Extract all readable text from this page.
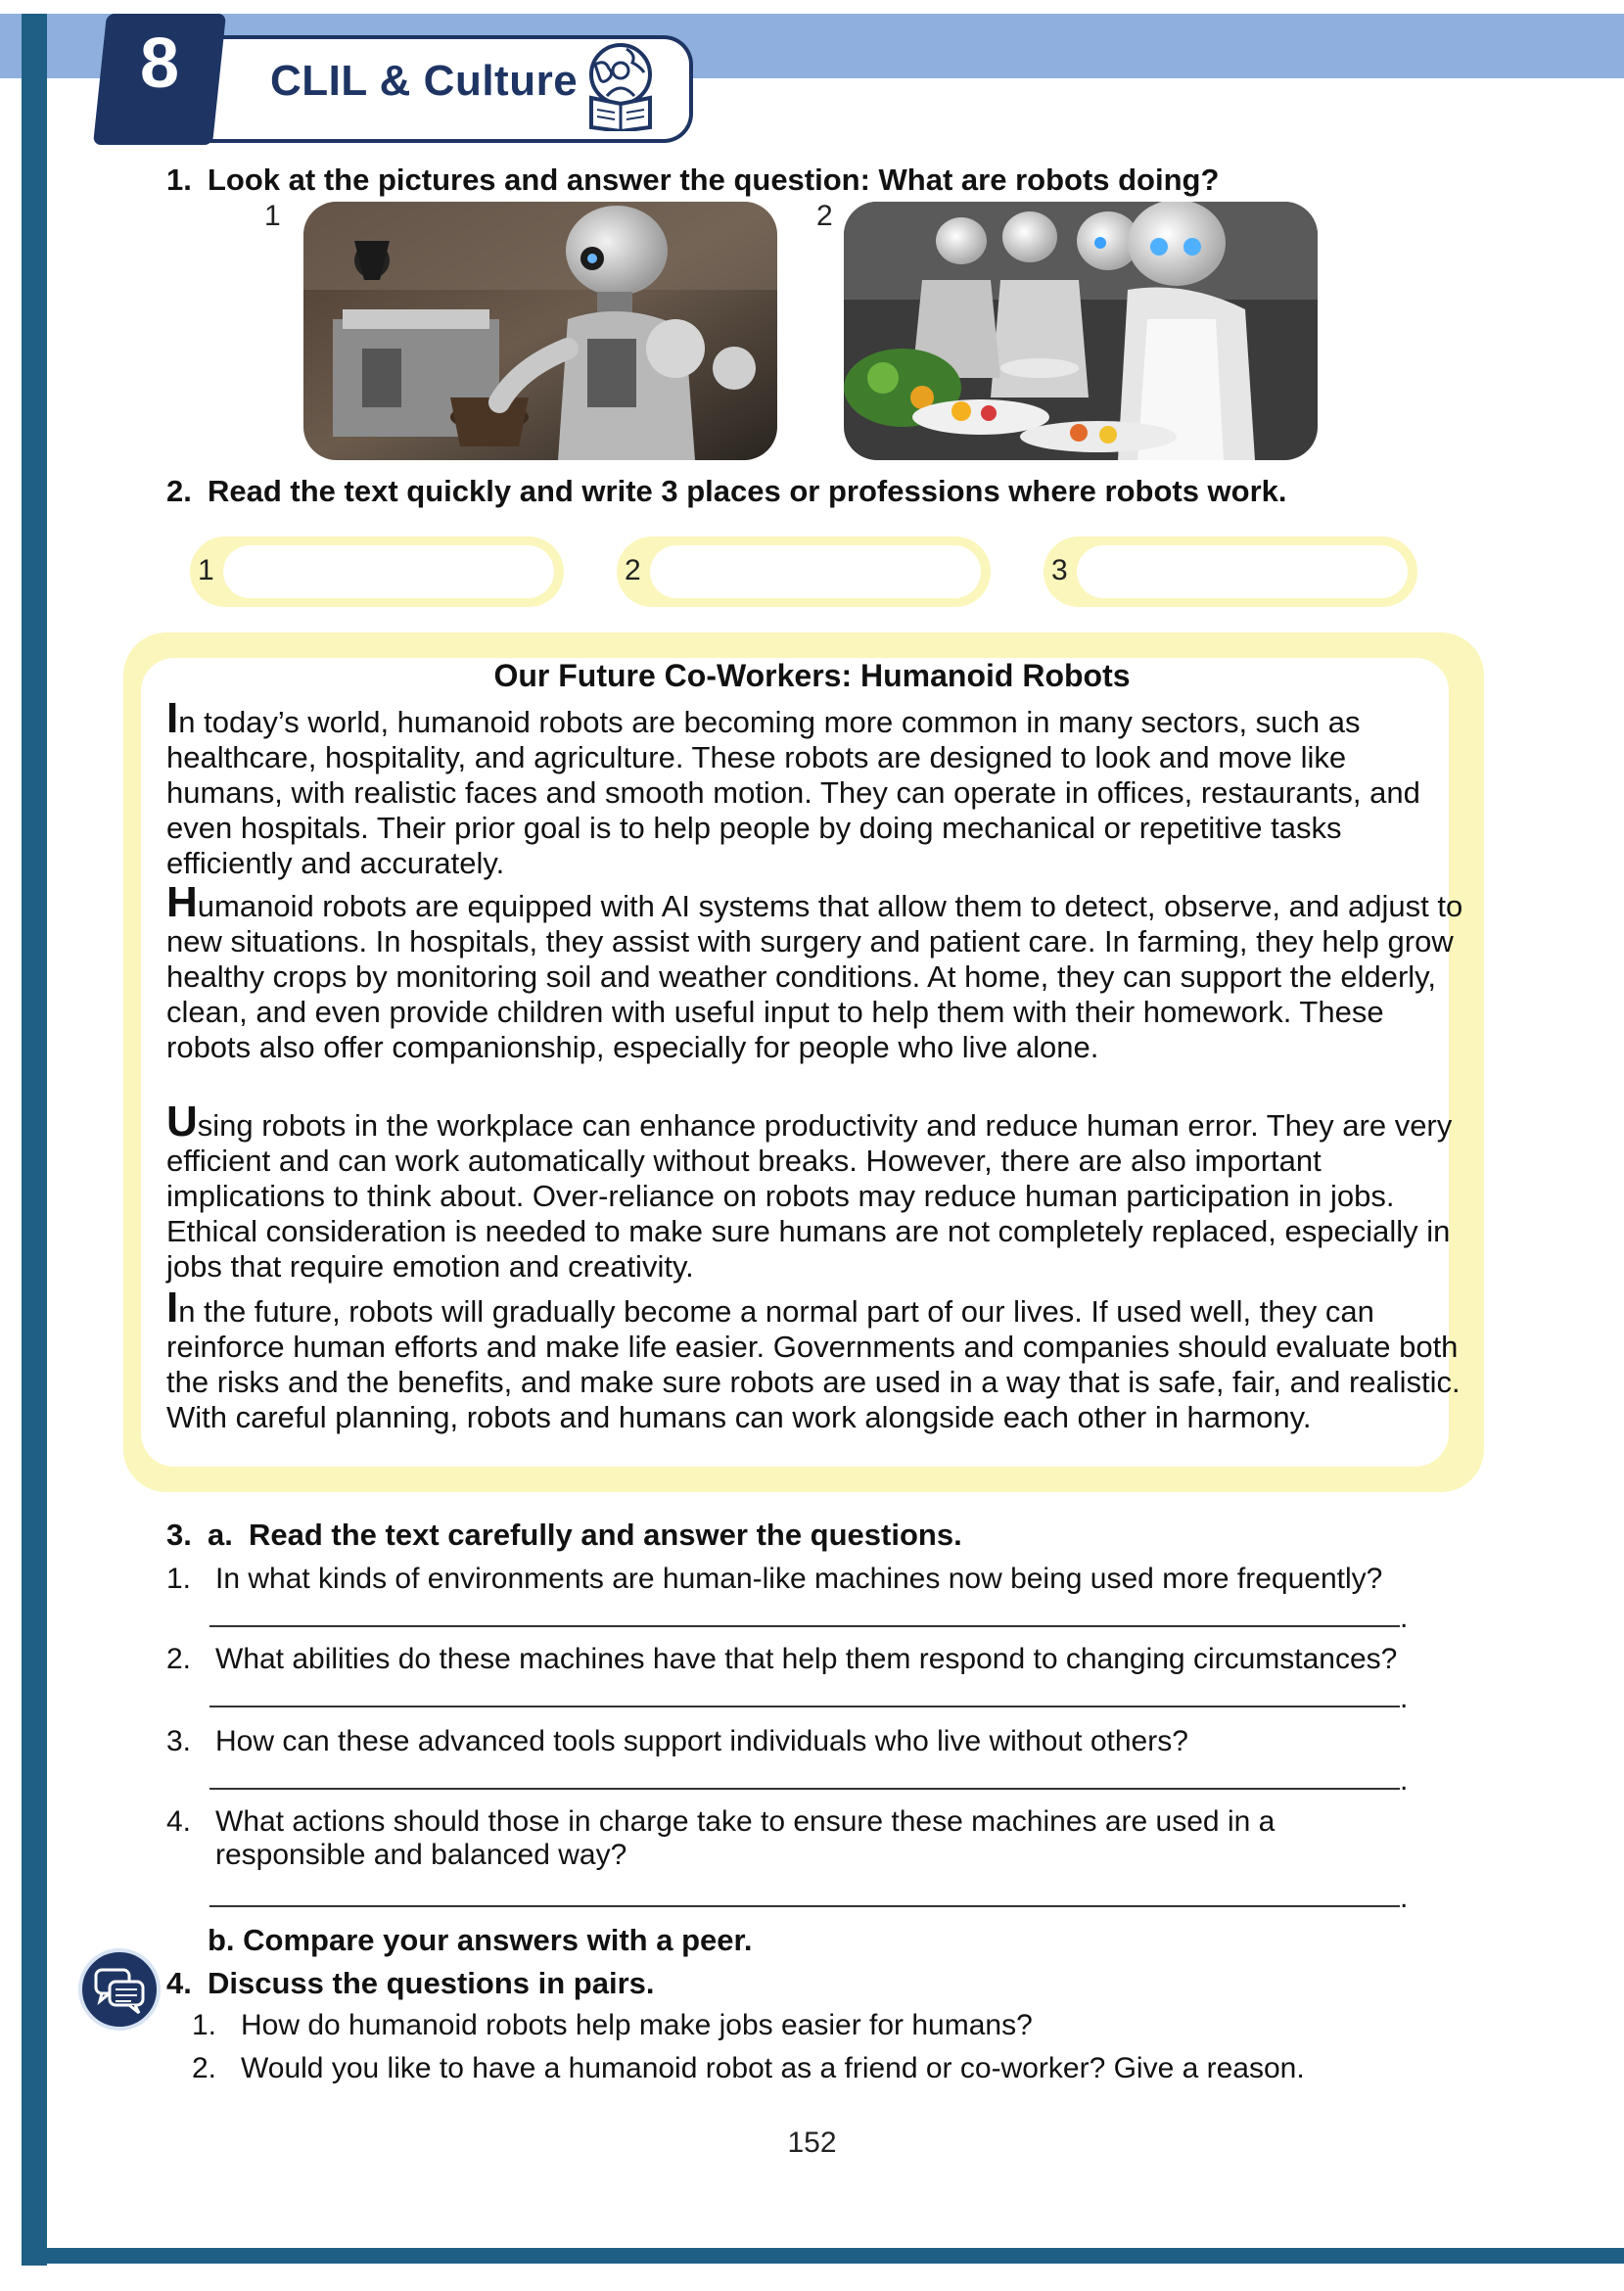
8	CLIL & Culture
1. Look at the pictures and answer the question: What are robots doing?
1	2
2. Read the text quickly and write 3 places or professions where robots work.
1	2	3
Our Future Co-Workers: Humanoid Robots
In today’s world, humanoid robots are becoming more common in many sectors, such as healthcare, hospitality, and agriculture. These robots are designed to look and move like humans, with realistic faces and smooth motion. They can operate in offices, restaurants, and even hospitals. Their prior goal is to help people by doing mechanical or repetitive tasks efficiently and accurately.
Humanoid robots are equipped with AI systems that allow them to detect, observe, and adjust to new situations. In hospitals, they assist with surgery and patient care. In farming, they help grow healthy crops by monitoring soil and weather conditions. At home, they can support the elderly, clean, and even provide children with useful input to help them with their homework. These robots also offer companionship, especially for people who live alone.
Using robots in the workplace can enhance productivity and reduce human error. They are very efficient and can work automatically without breaks. However, there are also important implications to think about. Over-reliance on robots may reduce human participation in jobs. Ethical consideration is needed to make sure humans are not completely replaced, especially in jobs that require emotion and creativity.
In the future, robots will gradually become a normal part of our lives. If used well, they can reinforce human efforts and make life easier. Governments and companies should evaluate both the risks and the benefits, and make sure robots are used in a way that is safe, fair, and realistic. With careful planning, robots and humans can work alongside each other in harmony.
3. a. Read the text carefully and answer the questions.
1. In what kinds of environments are human-like machines now being used more frequently?
.
2. What abilities do these machines have that help them respond to changing circumstances?
.
3. How can these advanced tools support individuals who live without others?
.
4. What actions should those in charge take to ensure these machines are used in a
responsible and balanced way?
.
b. Compare your answers with a peer.
4. Discuss the questions in pairs.
1. How do humanoid robots help make jobs easier for humans?
2. Would you like to have a humanoid robot as a friend or co-worker? Give a reason.
152
